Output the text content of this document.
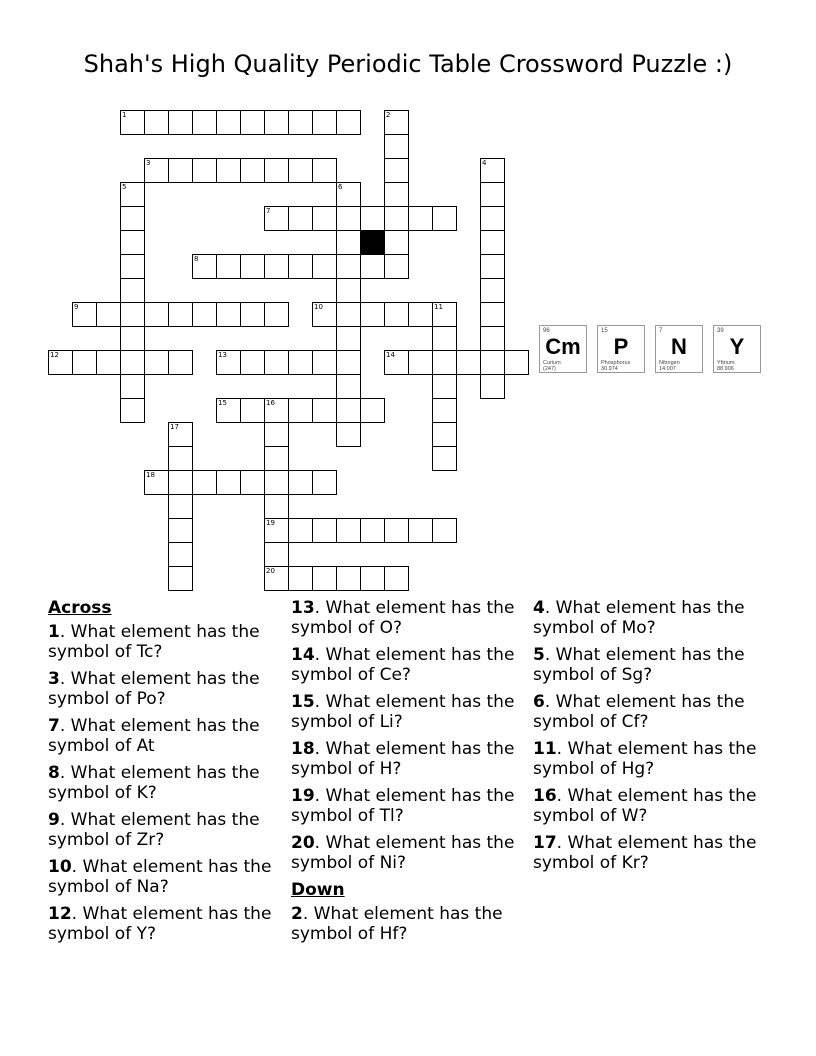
Shah's High Quality Periodic Table Crossword Puzzle :)
1	2
3	4
5	6
7
8
9	10	11
12	13	14
15	16
19
20
17
18
96
Cm
Curium
(247)
15
P
Phosphorus
30.974
7
N
Nitrogen
14.007
39
Y
Yttrium
88.906
Across
1. What element has the symbol of Tc?
3. What element has the symbol of Po?
7. What element has the symbol of At
8. What element has the symbol of K?
9. What element has the symbol of Zr?
10. What element has the symbol of Na?
12. What element has the symbol of Y?
13. What element has the symbol of O?
14. What element has the symbol of Ce?
15. What element has the symbol of Li?
18. What element has the symbol of H?
19. What element has the symbol of Tl?
20. What element has the symbol of Ni?
Down
2. What element has the symbol of Hf?
4. What element has the symbol of Mo?
5. What element has the symbol of Sg?
6. What element has the symbol of Cf?
11. What element has the symbol of Hg?
16. What element has the symbol of W?
17. What element has the symbol of Kr?
